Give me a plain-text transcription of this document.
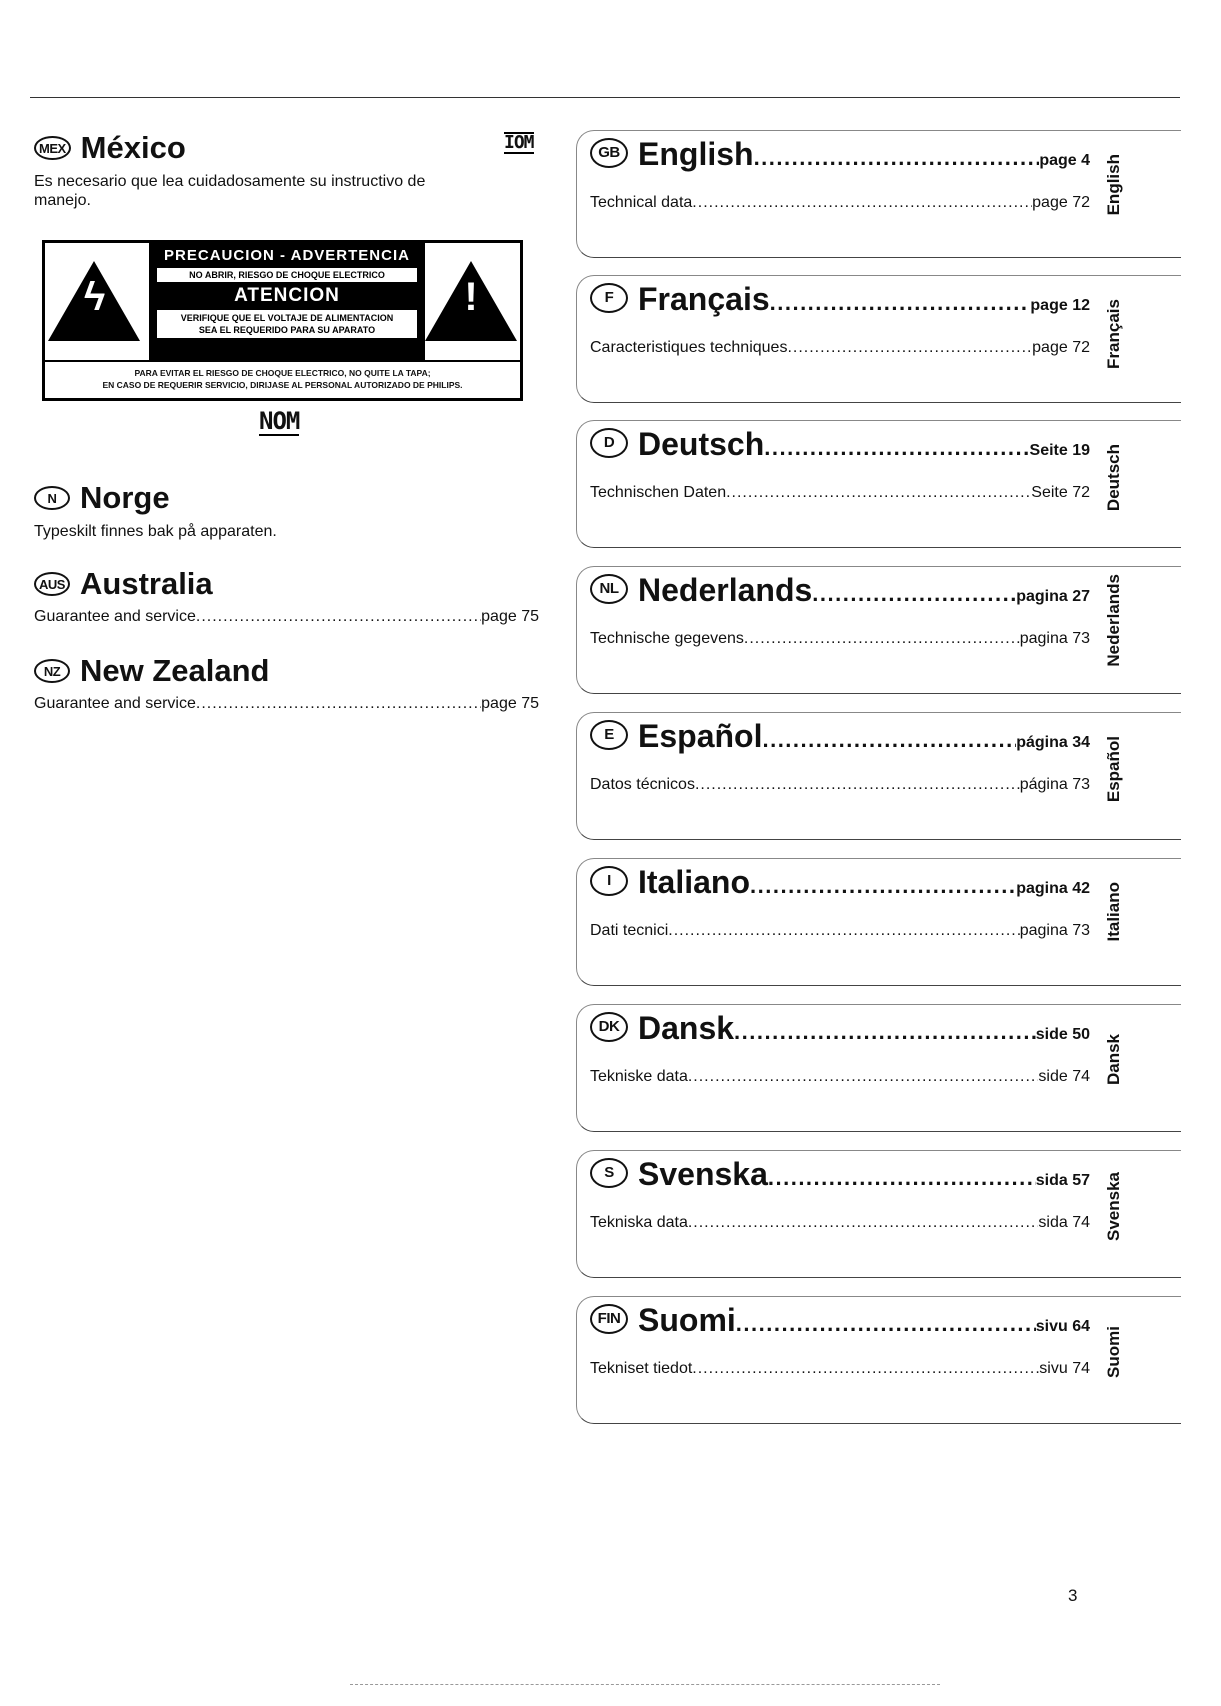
MEX México
Es necesario que lea cuidadosamente su instructivo de manejo.
IOM
ϟ
PRECAUCION - ADVERTENCIA
NO ABRIR, RIESGO DE CHOQUE ELECTRICO
ATENCION
VERIFIQUE QUE EL VOLTAJE DE ALIMENTACION
SEA EL REQUERIDO PARA SU APARATO
!
PARA EVITAR EL RIESGO DE CHOQUE ELECTRICO, NO QUITE LA TAPA;
EN CASO DE REQUERIR SERVICIO, DIRIJASE AL PERSONAL AUTORIZADO DE PHILIPS.
NOM
N Norge
Typeskilt finnes bak på apparaten.
AUS Australia
Guarantee and service .....	page 75
NZ New Zealand
Guarantee and service .....	page 75
GB English .....	page 4
Technical data .....	page 72 English
F Français .....	page 12
Caracteristiques techniques .....	page 72 Français
D Deutsch .....	Seite 19
Technischen Daten .....	Seite 72 Deutsch
NL Nederlands .....	pagina 27
Technische gegevens .....	pagina 73 Nederlands
E Español .....	página 34
Datos técnicos .....	página 73 Español
I Italiano .....	pagina 42
Dati tecnici .....	pagina 73 Italiano
DK Dansk .....	side 50
Tekniske data .....	side 74 Dansk
S Svenska .....	sida 57
Tekniska data .....	sida 74 Svenska
FIN Suomi .....	sivu 64
Tekniset tiedot .....	sivu 74 Suomi
3
